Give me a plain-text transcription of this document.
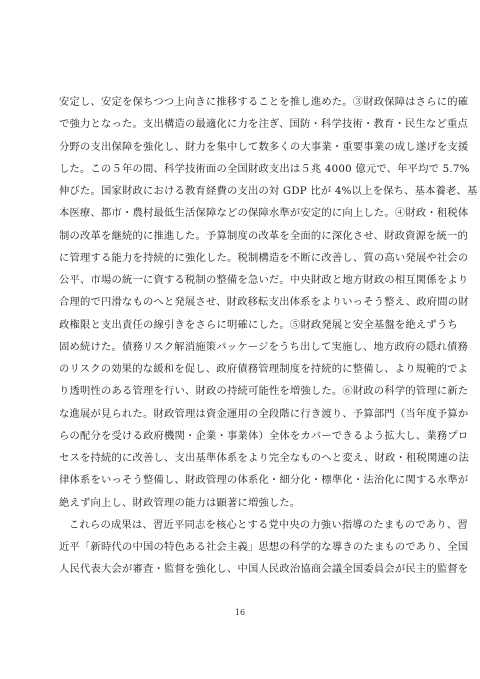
安定し、安定を保ちつつ上向きに推移することを推し進めた。③財政保障はさらに的確

で強力となった。支出構造の最適化に力を注ぎ、国防・科学技術・教育・民生など重点

分野の支出保障を強化し、財力を集中して数多くの大事業・重要事業の成し遂げを支援

した。この５年の間、科学技術面の全国財政支出は５兆 4000 億元で、年平均で 5.7%

伸びた。国家財政における教育経費の支出の対 GDP 比が 4%以上を保ち、基本養老、基

本医療、都市・農村最低生活保障などの保障水準が安定的に向上した。④財政・租税体

制の改革を継続的に推進した。予算制度の改革を全面的に深化させ、財政資源を統一的

に管理する能力を持続的に強化した。税制構造を不断に改善し、質の高い発展や社会の

公平、市場の統一に資する税制の整備を急いだ。中央財政と地方財政の相互関係をより

合理的で円滑なものへと発展させ、財政移転支出体系をよりいっそう整え、政府間の財

政権限と支出責任の線引きをさらに明確にした。⑤財政発展と安全基盤を絶えずうち

固め続けた。債務リスク解消施策パッケージをうち出して実施し、地方政府の隠れ債務

のリスクの効果的な緩和を促し、政府債務管理制度を持続的に整備し、より規範的でよ

り透明性のある管理を行い、財政の持続可能性を増強した。⑥財政の科学的管理に新た

な進展が見られた。財政管理は資金運用の全段階に行き渡り、予算部門（当年度予算か

らの配分を受ける政府機関・企業・事業体）全体をカバーできるよう拡大し、業務プロ

セスを持続的に改善し、支出基準体系をより完全なものへと変え、財政・租税関連の法

律体系をいっそう整備し、財政管理の体系化・細分化・標準化・法治化に関する水準が

絶えず向上し、財政管理の能力は顕著に増強した。

これらの成果は、習近平同志を核心とする党中央の力強い指導のたまものであり、習

近平「新時代の中国の特色ある社会主義」思想の科学的な導きのたまものであり、全国

人民代表大会が審査・監督を強化し、中国人民政治協商会議全国委員会が民主的監督を

16
